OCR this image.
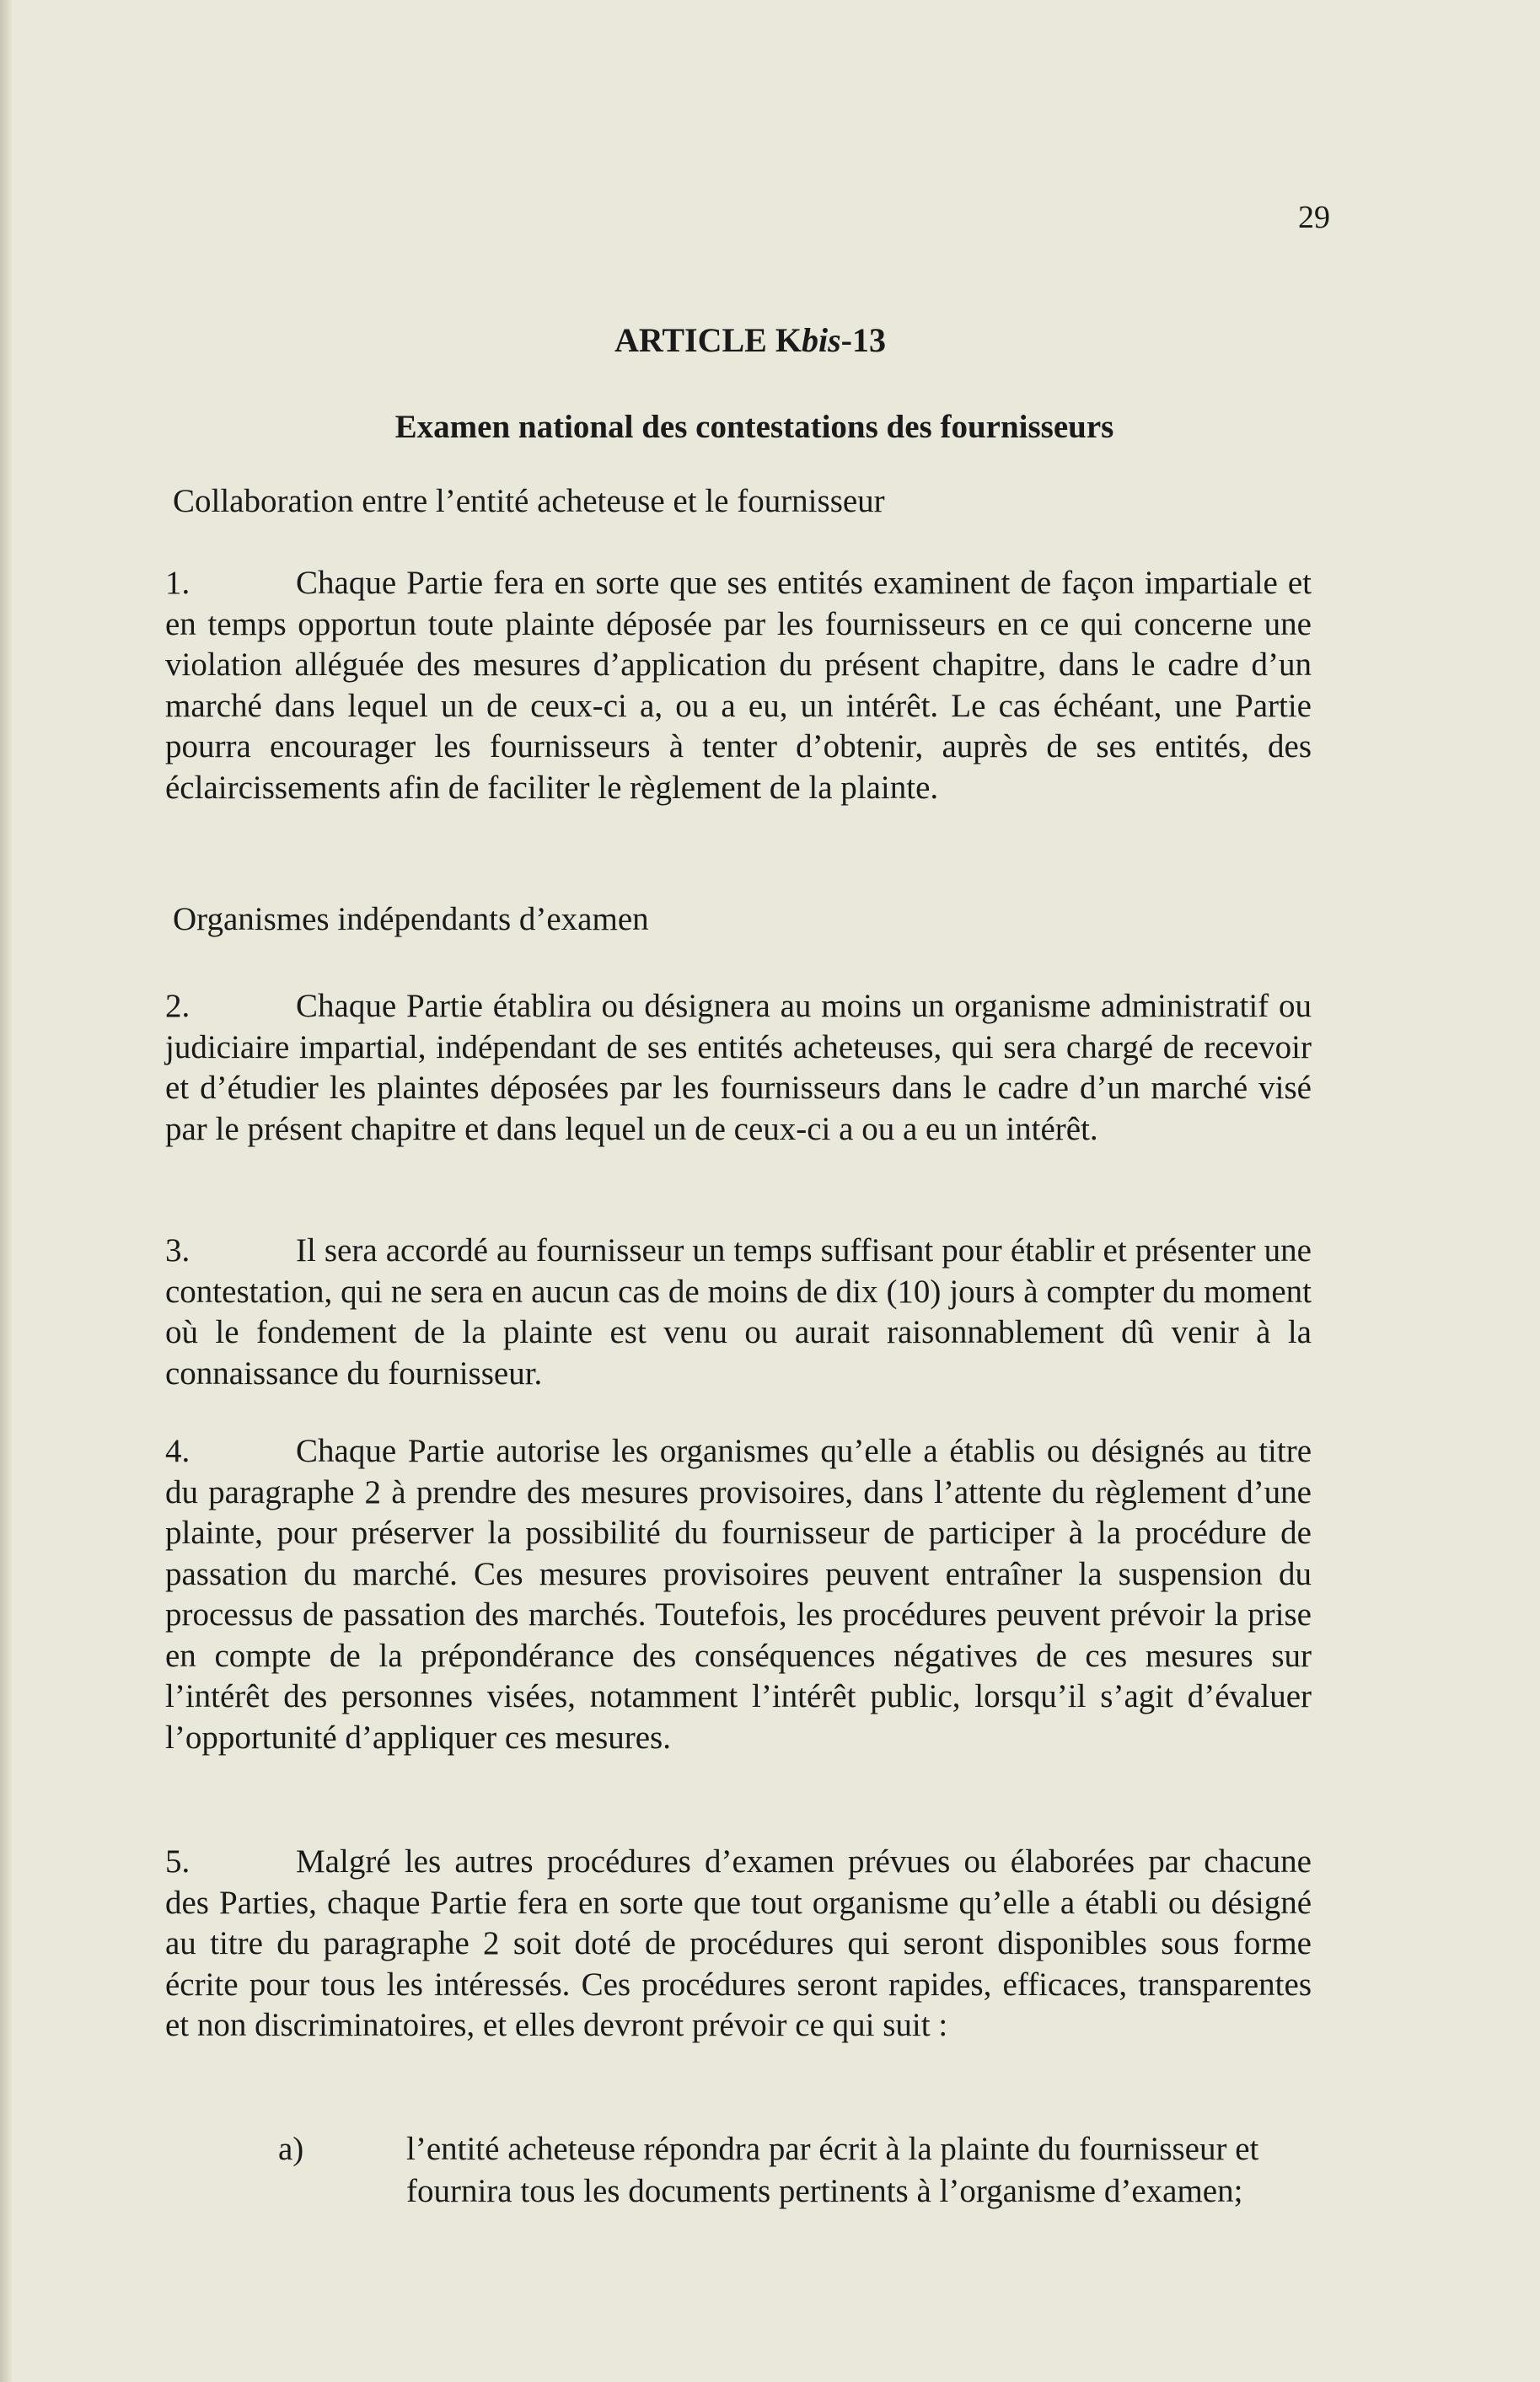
29
ARTICLE Kbis-13
Examen national des contestations des fournisseurs
Collaboration entre l’entité acheteuse et le fournisseur
1.	Chaque Partie fera en sorte que ses entités examinent de façon impartiale et en temps opportun toute plainte déposée par les fournisseurs en ce qui concerne une violation alléguée des mesures d’application du présent chapitre, dans le cadre d’un marché dans lequel un de ceux-ci a, ou a eu, un intérêt. Le cas échéant, une Partie pourra encourager les fournisseurs à tenter d’obtenir, auprès de ses entités, des éclaircissements afin de faciliter le règlement de la plainte.
Organismes indépendants d’examen
2.	Chaque Partie établira ou désignera au moins un organisme administratif ou judiciaire impartial, indépendant de ses entités acheteuses, qui sera chargé de recevoir et d’étudier les plaintes déposées par les fournisseurs dans le cadre d’un marché visé par le présent chapitre et dans lequel un de ceux-ci a ou a eu un intérêt.
3.	Il sera accordé au fournisseur un temps suffisant pour établir et présenter une contestation, qui ne sera en aucun cas de moins de dix (10) jours à compter du moment où le fondement de la plainte est venu ou aurait raisonnablement dû venir à la connaissance du fournisseur.
4.	Chaque Partie autorise les organismes qu’elle a établis ou désignés au titre du paragraphe 2 à prendre des mesures provisoires, dans l’attente du règlement d’une plainte, pour préserver la possibilité du fournisseur de participer à la procédure de passation du marché. Ces mesures provisoires peuvent entraîner la suspension du processus de passation des marchés. Toutefois, les procédures peuvent prévoir la prise en compte de la prépondérance des conséquences négatives de ces mesures sur l’intérêt des personnes visées, notamment l’intérêt public, lorsqu’il s’agit d’évaluer l’opportunité d’appliquer ces mesures.
5.	Malgré les autres procédures d’examen prévues ou élaborées par chacune des Parties, chaque Partie fera en sorte que tout organisme qu’elle a établi ou désigné au titre du paragraphe 2 soit doté de procédures qui seront disponibles sous forme écrite pour tous les intéressés. Ces procédures seront rapides, efficaces, transparentes et non discriminatoires, et elles devront prévoir ce qui suit :
a)	l’entité acheteuse répondra par écrit à la plainte du fournisseur et fournira tous les documents pertinents à l’organisme d’examen;
